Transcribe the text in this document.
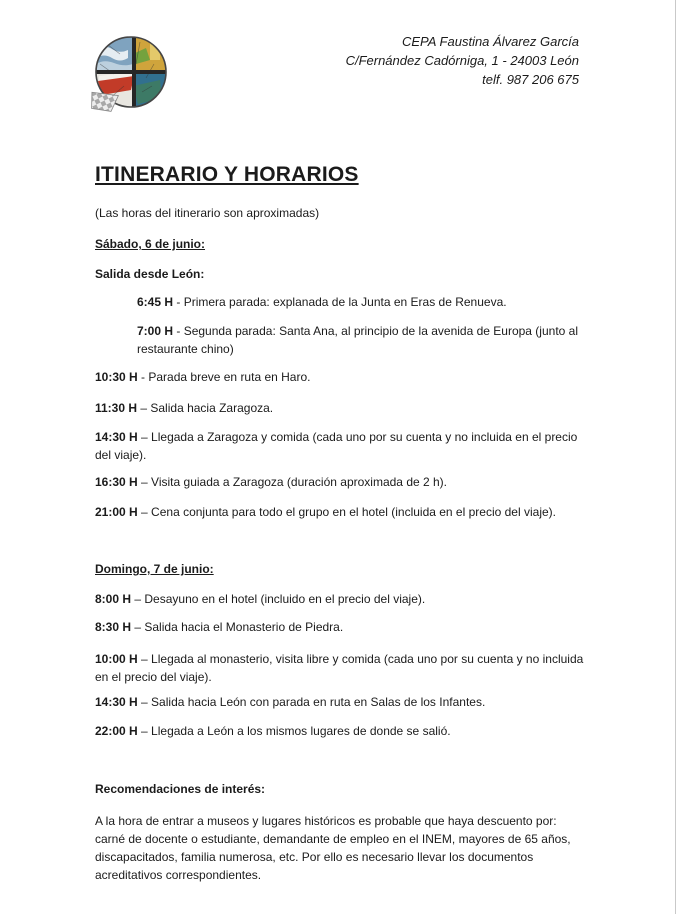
CEPA Faustina Álvarez García
C/Fernández Cadórniga, 1 - 24003 León
telf. 987 206 675
ITINERARIO Y HORARIOS

(Las horas del itinerario son aproximadas)

Sábado, 6 de junio:
Salida desde León:

6:45 H - Primera parada: explanada de la Junta en Eras de Renueva.

7:00 H - Segunda parada: Santa Ana, al principio de la avenida de Europa (junto al restaurante chino)

10:30 H - Parada breve en ruta en Haro.

11:30 H – Salida hacia Zaragoza.

14:30 H – Llegada a Zaragoza y comida (cada uno por su cuenta y no incluida en el precio del viaje).

16:30 H – Visita guiada a Zaragoza (duración aproximada de 2 h).

21:00 H – Cena conjunta para todo el grupo en el hotel (incluida en el precio del viaje).

Domingo, 7 de junio:

8:00 H – Desayuno en el hotel (incluido en el precio del viaje).

8:30 H – Salida hacia el Monasterio de Piedra.

10:00 H – Llegada al monasterio, visita libre y comida (cada uno por su cuenta y no incluida en el precio del viaje).

14:30 H – Salida hacia León con parada en ruta en Salas de los Infantes.

22:00 H – Llegada a León a los mismos lugares de donde se salió.

Recomendaciones de interés:

A la hora de entrar a museos y lugares históricos es probable que haya descuento por: carné de docente o estudiante, demandante de empleo en el INEM, mayores de 65 años, discapacitados, familia numerosa, etc. Por ello es necesario llevar los documentos acreditativos correspondientes.
